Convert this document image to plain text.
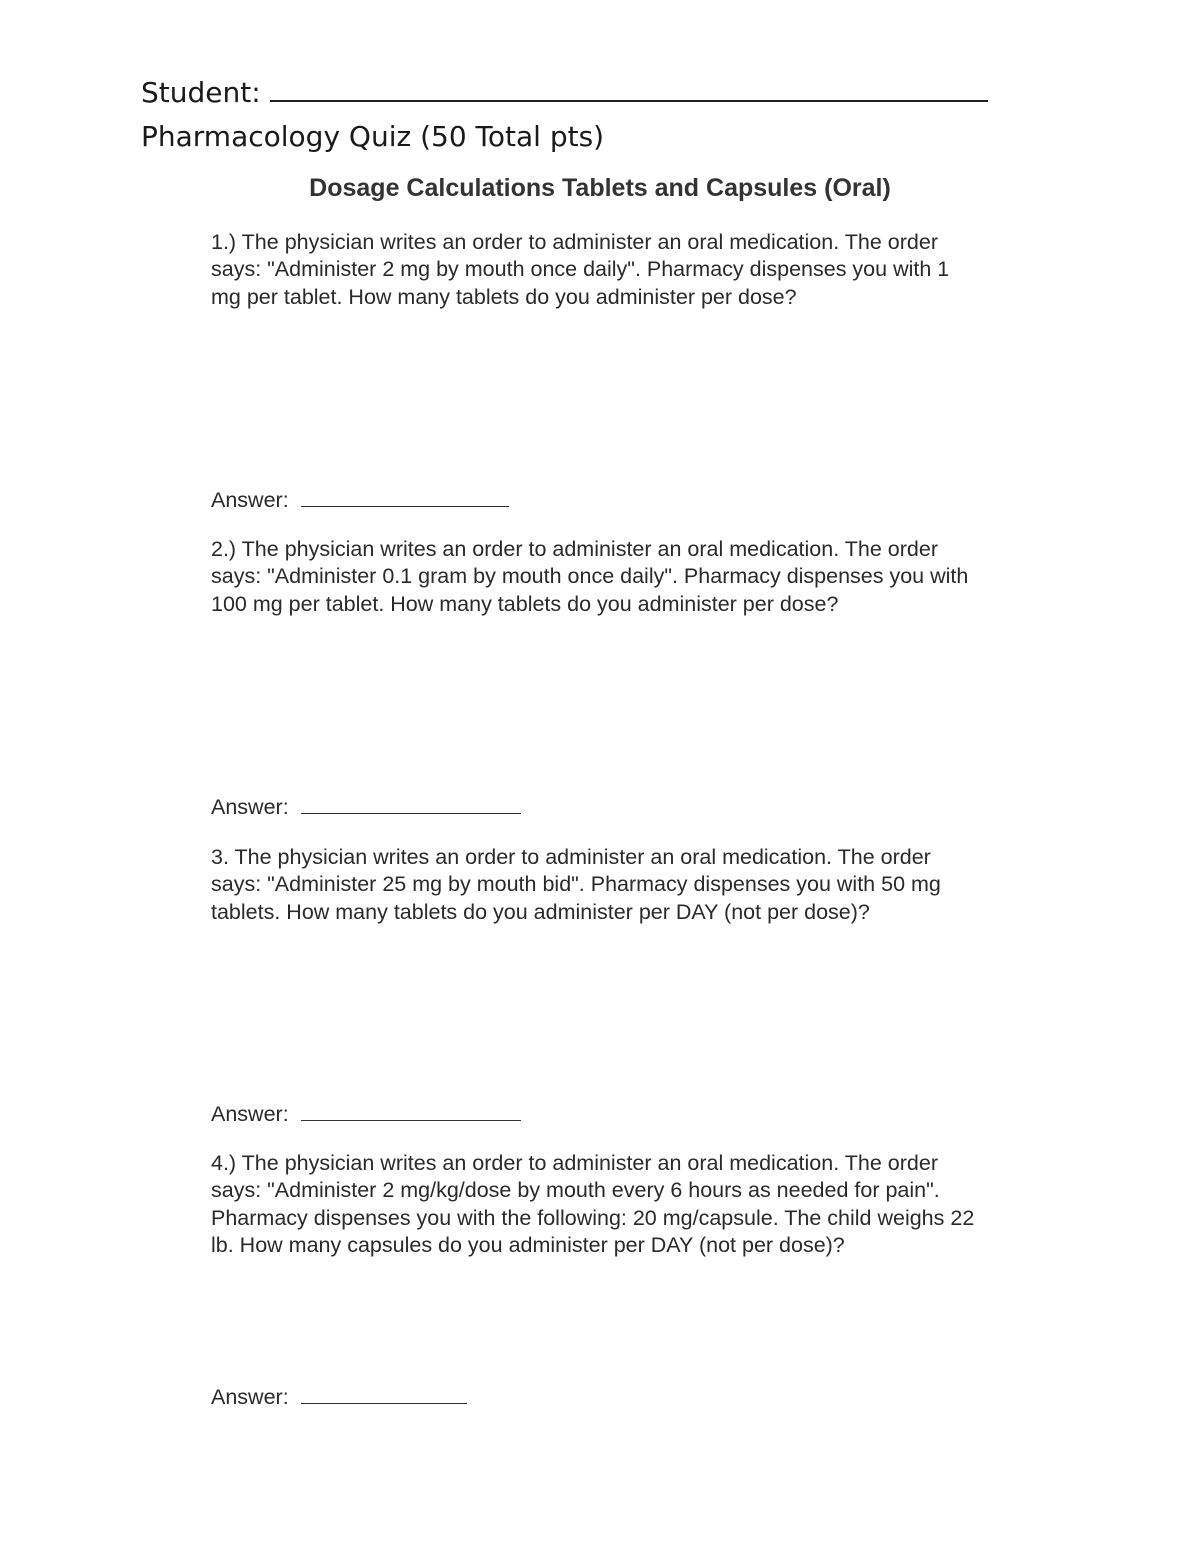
Student:
Pharmacology Quiz (50 Total pts)
Dosage Calculations Tablets and Capsules (Oral)
1.) The physician writes an order to administer an oral medication. The order
says: "Administer 2 mg by mouth once daily". Pharmacy dispenses you with 1
mg per tablet. How many tablets do you administer per dose?
Answer:
2.) The physician writes an order to administer an oral medication. The order
says: "Administer 0.1 gram by mouth once daily". Pharmacy dispenses you with
100 mg per tablet. How many tablets do you administer per dose?
Answer:
3. The physician writes an order to administer an oral medication. The order
says: "Administer 25 mg by mouth bid". Pharmacy dispenses you with 50 mg
tablets. How many tablets do you administer per DAY (not per dose)?
Answer:
4.) The physician writes an order to administer an oral medication. The order
says: "Administer 2 mg/kg/dose by mouth every 6 hours as needed for pain".
Pharmacy dispenses you with the following: 20 mg/capsule. The child weighs 22
lb. How many capsules do you administer per DAY (not per dose)?
Answer:
